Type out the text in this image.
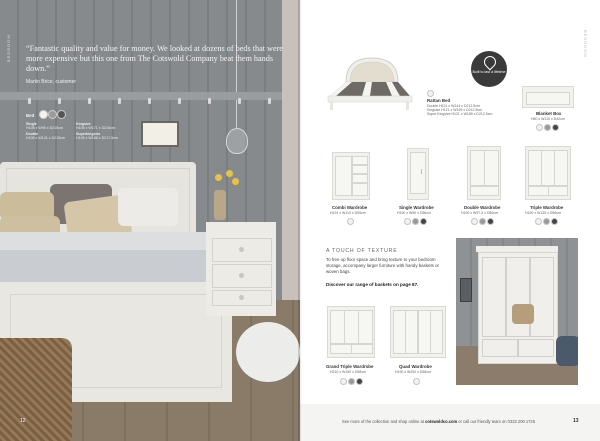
BEDROOM “Fantastic quality and value for money. We looked at dozens of beds that were more expensive but this one from The Cotswold Company beat them hands down.”

Martin Brice, customer
Bed
Single
H105 x W95 x D215cm
Kingsize
H105 x W171 x D215cm
Double
H105 x W141 x D215cm
Superkingsize
H105 x W186 x D217.5cm
12
BEDROOM
Rattan Bed
Double H121 x W144 x D212.5cm
Kingsize H121 x W159 x D212.5cm
Super Kingsize H121 x W189 x D212.5cm
Built to last a lifetime
Blanket Box
H50 x W110 x D42cm
Combi Wardrobe
H191 x W110 x D55cm
Single Wardrobe
H190 x W50 x D56cm
Double Wardrobe
H190 x W97.5 x D56cm
Triple Wardrobe
H190 x W135 x D56cm
A TOUCH OF TEXTURE

To free up floor space and bring texture to your bedroom storage, accompany larger furniture with handy baskets or woven bags.

Discover our range of baskets on page 87.
Grand Triple Wardrobe
H210 x W150 x D58cm
Quad Wardrobe
H190 x W200 x D58cm
See more of the collection and shop online at cotswoldco.com or call our friendly team on 0333 200 1725	13
